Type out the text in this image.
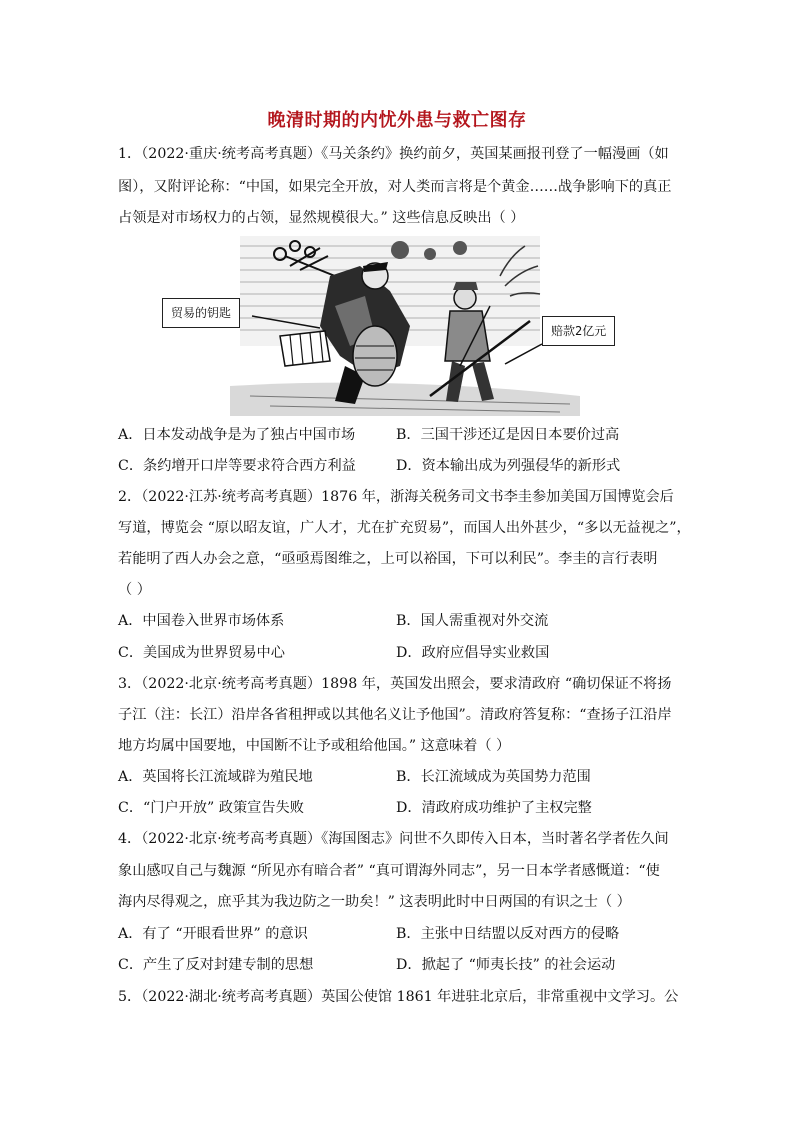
晚清时期的内忧外患与救亡图存
1．（2022·重庆·统考高考真题）《马关条约》换约前夕，英国某画报刊登了一幅漫画（如
图），又附评论称：“中国，如果完全开放，对人类而言将是个黄金……战争影响下的真正
占领是对市场权力的占领，显然规模很大。” 这些信息反映出（ ）
贸易的钥匙
赔款2亿元
A．日本发动战争是为了独占中国市场	B．三国干涉还辽是因日本要价过高
C．条约增开口岸等要求符合西方利益	D．资本输出成为列强侵华的新形式
2．（2022·江苏·统考高考真题）1876 年，浙海关税务司文书李圭参加美国万国博览会后
写道，博览会 “原以昭友谊，广人才，尤在扩充贸易”，而国人出外甚少，“多以无益视之”，
若能明了西人办会之意，“亟亟焉图维之，上可以裕国，下可以利民”。李圭的言行表明
（ ）
A．中国卷入世界市场体系	B．国人需重视对外交流
C．美国成为世界贸易中心	D．政府应倡导实业救国
3．（2022·北京·统考高考真题）1898 年，英国发出照会，要求清政府 “确切保证不将扬
子江（注：长江）沿岸各省租押或以其他名义让予他国”。清政府答复称：“查扬子江沿岸
地方均属中国要地，中国断不让予或租给他国。” 这意味着（ ）
A．英国将长江流域辟为殖民地	B．长江流域成为英国势力范围
C．“门户开放” 政策宣告失败	D．清政府成功维护了主权完整
4．（2022·北京·统考高考真题）《海国图志》问世不久即传入日本，当时著名学者佐久间
象山感叹自己与魏源 “所见亦有暗合者” “真可谓海外同志”，另一日本学者感慨道：“使
海内尽得观之，庶乎其为我边防之一助矣！” 这表明此时中日两国的有识之士（ ）
A．有了 “开眼看世界” 的意识	B．主张中日结盟以反对西方的侵略
C．产生了反对封建专制的思想	D．掀起了 “师夷长技” 的社会运动
5．（2022·湖北·统考高考真题）英国公使馆 1861 年进驻北京后，非常重视中文学习。公
